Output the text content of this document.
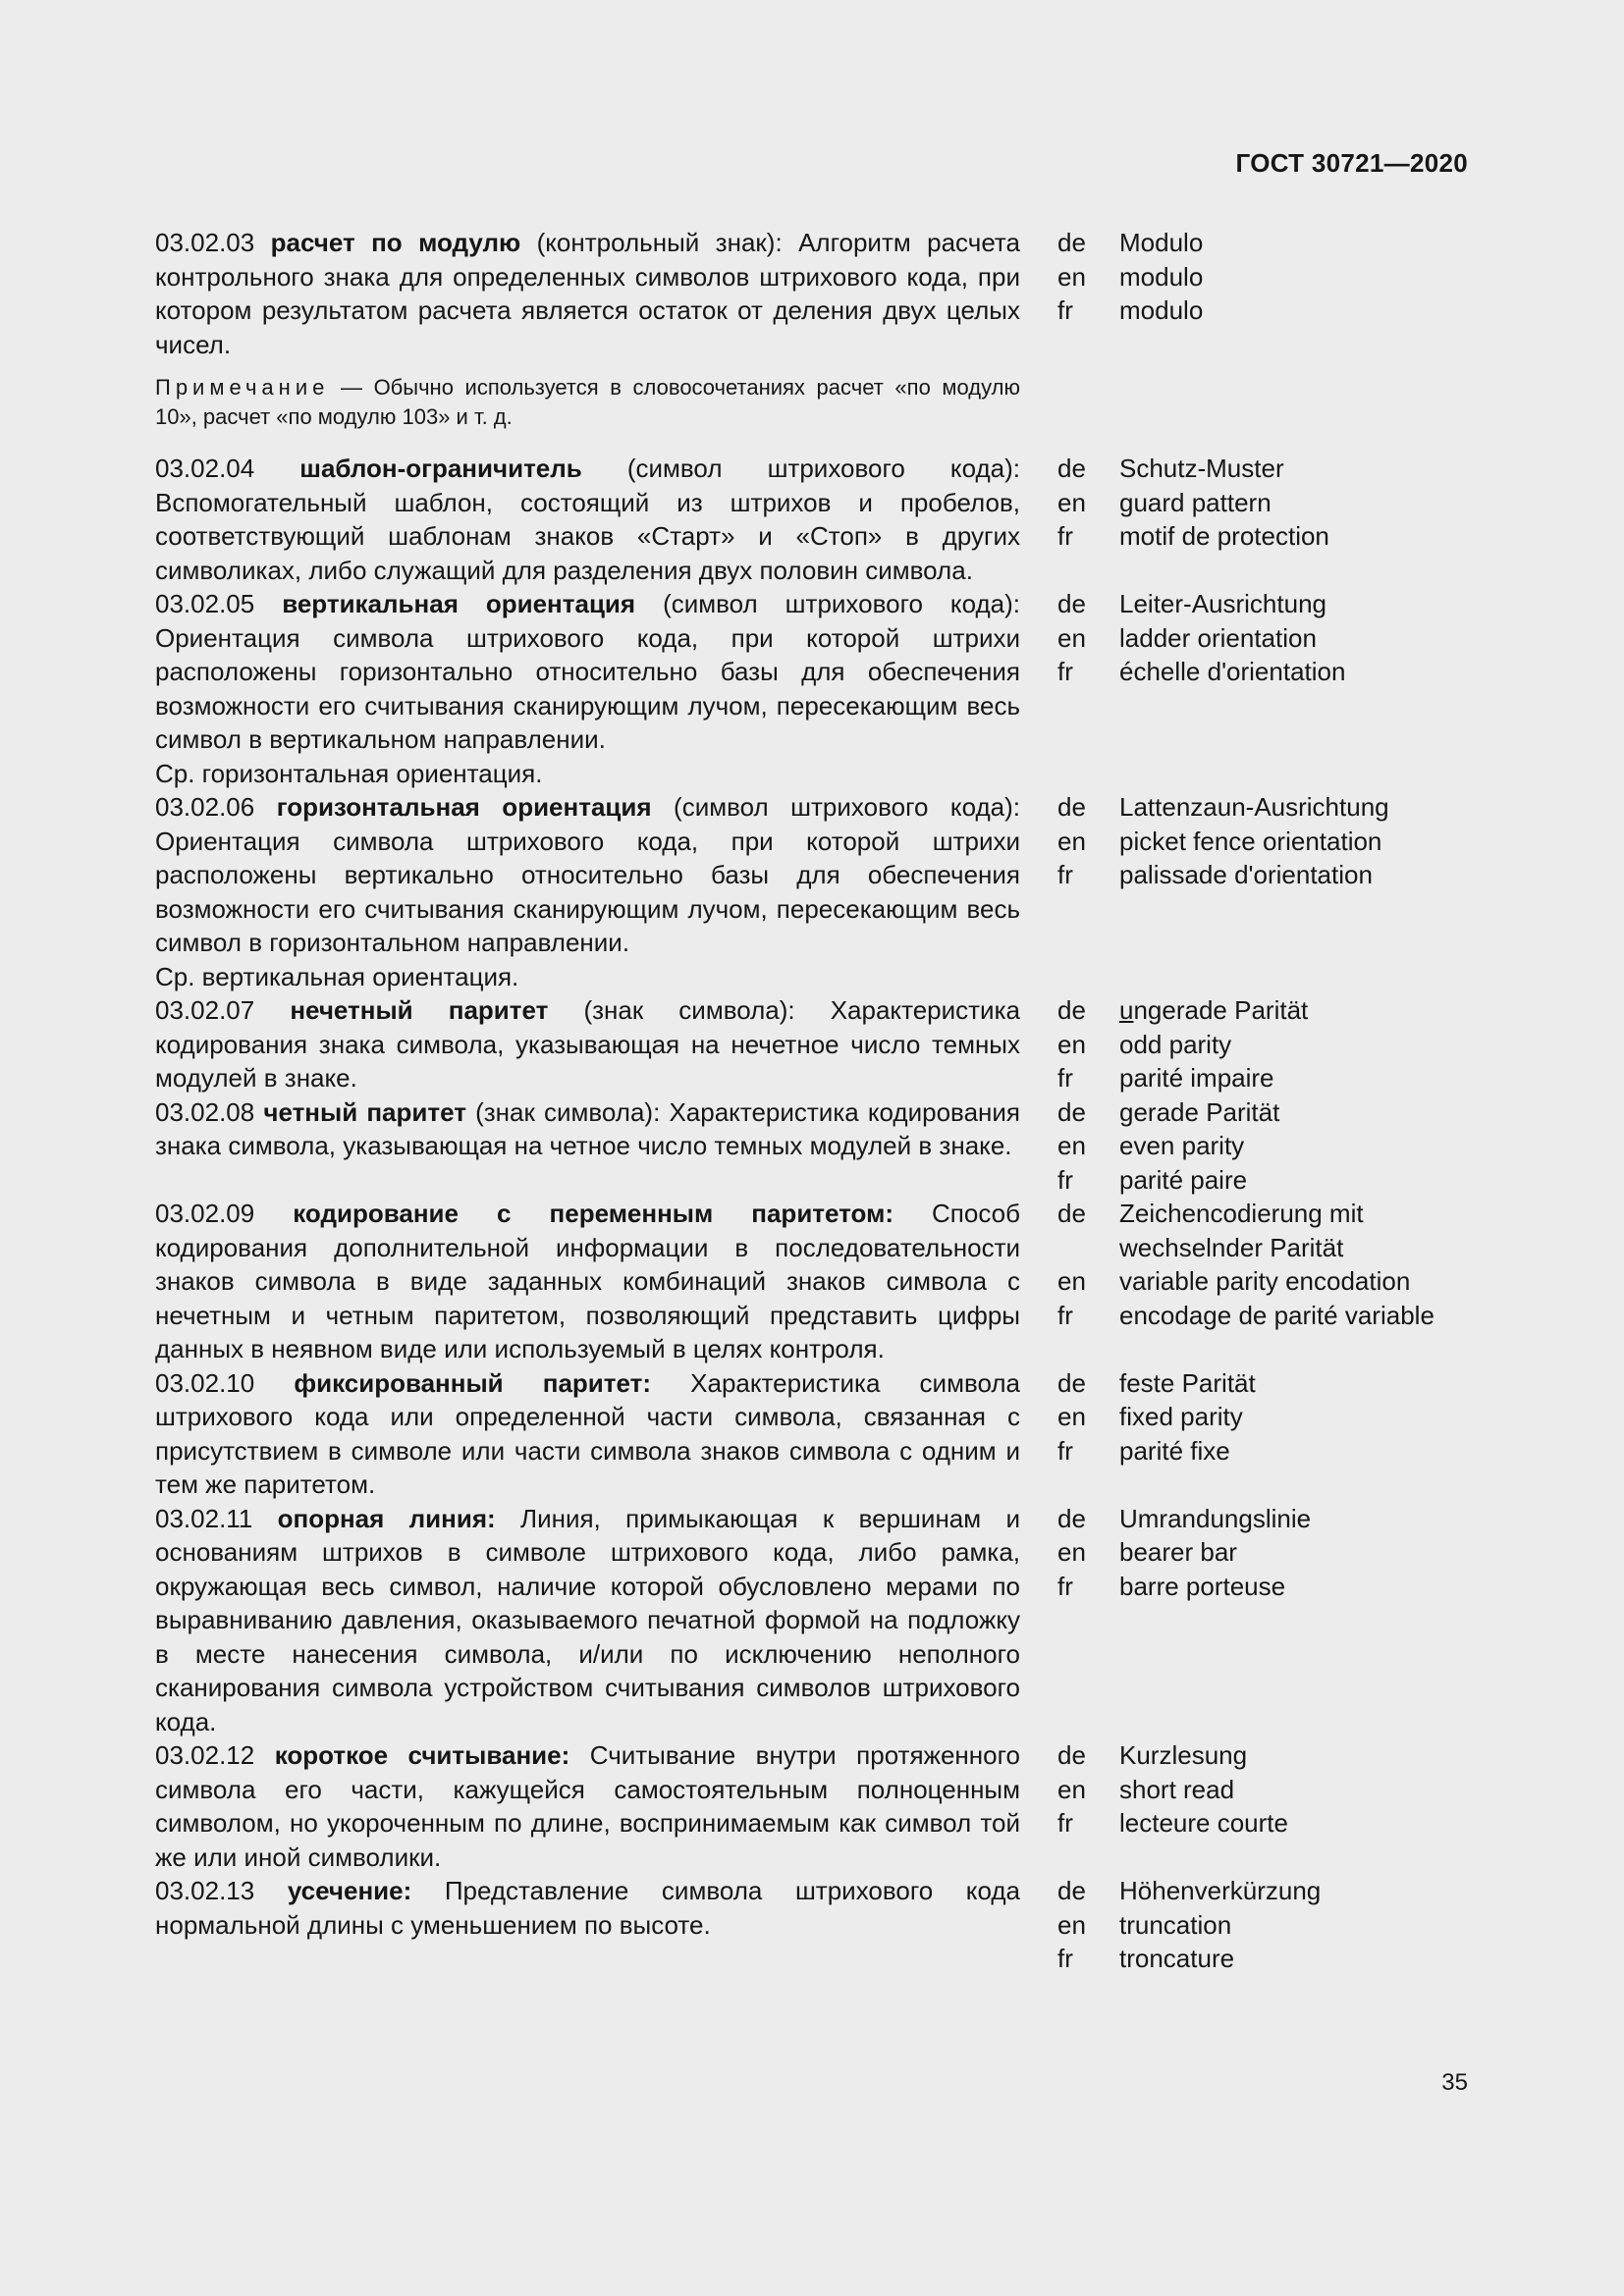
ГОСТ 30721—2020
03.02.03 расчет по модулю (контрольный знак): Алгоритм расчета контрольного знака для определенных символов штрихового кода, при котором результатом расчета является остаток от деления двух целых чисел.
de	Modulo
en	modulo
fr	modulo
Примечание — Обычно используется в словосочетаниях расчет «по модулю 10», расчет «по модулю 103» и т. д.
03.02.04 шаблон-ограничитель (символ штрихового кода): Вспомогательный шаблон, состоящий из штрихов и пробелов, соответствующий шаблонам знаков «Старт» и «Стоп» в других символиках, либо служащий для разделения двух половин символа.
de	Schutz-Muster
en	guard pattern
fr	motif de protection
03.02.05 вертикальная ориентация (символ штрихового кода): Ориентация символа штрихового кода, при которой штрихи расположены горизонтально относительно базы для обеспечения возможности его считывания сканирующим лучом, пересекающим весь символ в вертикальном направлении.
Ср. горизонтальная ориентация.
de	Leiter-Ausrichtung
en	ladder orientation
fr	échelle d'orientation
03.02.06 горизонтальная ориентация (символ штрихового кода): Ориентация символа штрихового кода, при которой штрихи расположены вертикально относительно базы для обеспечения возможности его считывания сканирующим лучом, пересекающим весь символ в горизонтальном направлении.
Ср. вертикальная ориентация.
de	Lattenzaun-Ausrichtung
en	picket fence orientation
fr	palissade d'orientation
03.02.07 нечетный паритет (знак символа): Характеристика кодирования знака символа, указывающая на нечетное число темных модулей в знаке.
de	ungerade Parität
en	odd parity
fr	parité impaire
03.02.08 четный паритет (знак символа): Характеристика кодирования знака символа, указывающая на четное число темных модулей в знаке.
de	gerade Parität
en	even parity
fr	parité paire
03.02.09 кодирование с переменным паритетом: Способ кодирования дополнительной информации в последовательности знаков символа в виде заданных комбинаций знаков символа с нечетным и четным паритетом, позволяющий представить цифры данных в неявном виде или используемый в целях контроля.
de	Zeichencodierung mit
wechselnder Parität
en	variable parity encodation
fr	encodage de parité variable
03.02.10 фиксированный паритет: Характеристика символа штрихового кода или определенной части символа, связанная с присутствием в символе или части символа знаков символа с одним и тем же паритетом.
de	feste Parität
en	fixed parity
fr	parité fixe
03.02.11 опорная линия: Линия, примыкающая к вершинам и основаниям штрихов в символе штрихового кода, либо рамка, окружающая весь символ, наличие которой обусловлено мерами по выравниванию давления, оказываемого печатной формой на подложку в месте нанесения символа, и/или по исключению неполного сканирования символа устройством считывания символов штрихового кода.
de	Umrandungslinie
en	bearer bar
fr	barre porteuse
03.02.12 короткое считывание: Считывание внутри протяженного символа его части, кажущейся самостоятельным полноценным символом, но укороченным по длине, воспринимаемым как символ той же или иной символики.
de	Kurzlesung
en	short read
fr	lecteure courte
03.02.13 усечение: Представление символа штрихового кода нормальной длины с уменьшением по высоте.
de	Höhenverkürzung
en	truncation
fr	troncature
35
